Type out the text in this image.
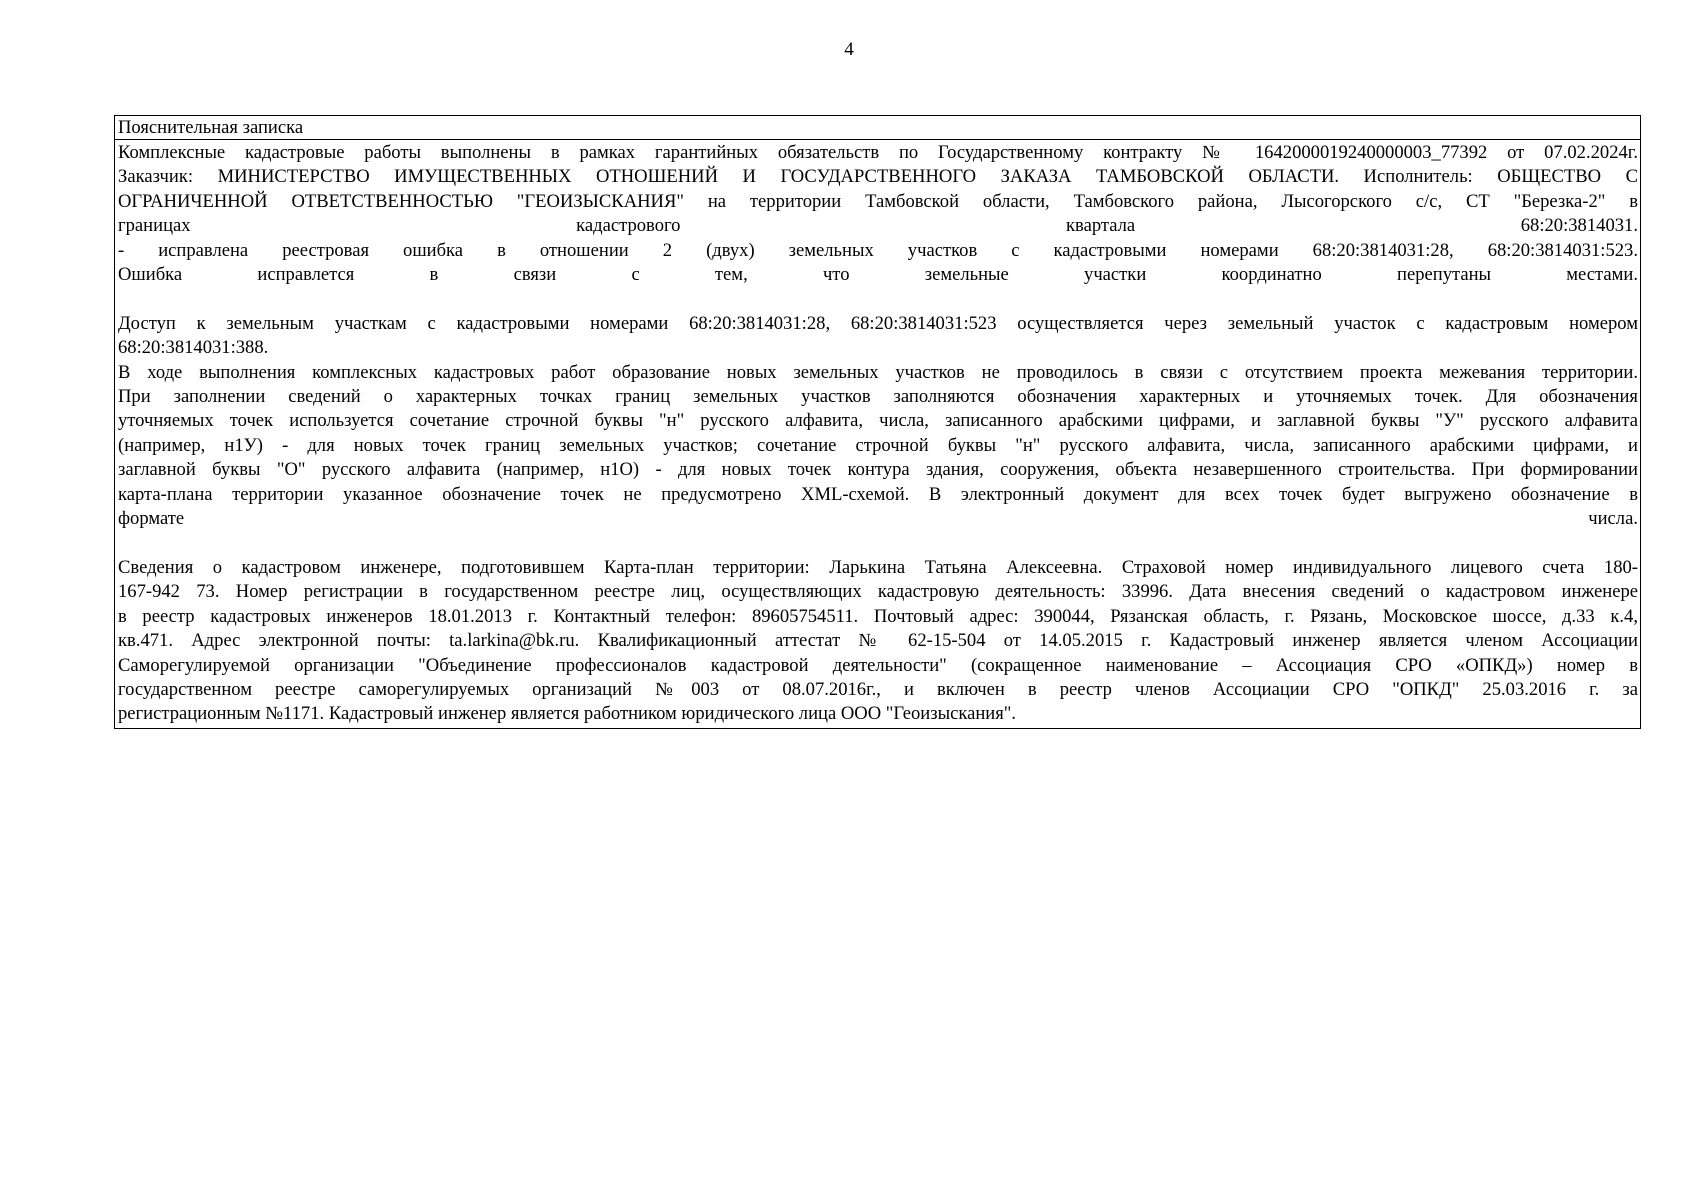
4
Пояснительная записка
Комплексные кадастровые работы выполнены в рамках гарантийных обязательств по Государственному контракту № 1642000019240000003_77392 от 07.02.2024г.
Заказчик: МИНИСТЕРСТВО ИМУЩЕСТВЕННЫХ ОТНОШЕНИЙ И ГОСУДАРСТВЕННОГО ЗАКАЗА ТАМБОВСКОЙ ОБЛАСТИ. Исполнитель: ОБЩЕСТВО С
ОГРАНИЧЕННОЙ ОТВЕТСТВЕННОСТЬЮ "ГЕОИЗЫСКАНИЯ" на территории Тамбовской области, Тамбовского района, Лысогорского с/с, СТ "Березка-2" в
границах кадастрового квартала 68:20:3814031.
- исправлена реестровая ошибка в отношении 2 (двух) земельных участков с кадастровыми номерами 68:20:3814031:28, 68:20:3814031:523.
Ошибка исправлется в связи с тем, что земельные участки координатно перепутаны местами.
Доступ к земельным участкам с кадастровыми номерами 68:20:3814031:28, 68:20:3814031:523 осуществляется через земельный участок с кадастровым номером
68:20:3814031:388.
В ходе выполнения комплексных кадастровых работ образование новых земельных участков не проводилось в связи с отсутствием проекта межевания территории.
При заполнении сведений о характерных точках границ земельных участков заполняются обозначения характерных и уточняемых точек. Для обозначения
уточняемых точек используется сочетание строчной буквы "н" русского алфавита, числа, записанного арабскими цифрами, и заглавной буквы "У" русского алфавита
(например, н1У) - для новых точек границ земельных участков; сочетание строчной буквы "н" русского алфавита, числа, записанного арабскими цифрами, и
заглавной буквы "О" русского алфавита (например, н1О) - для новых точек контура здания, сооружения, объекта незавершенного строительства. При формировании
карта-плана территории указанное обозначение точек не предусмотрено XML-схемой. В электронный документ для всех точек будет выгружено обозначение в
формате числа.
Сведения о кадастровом инженере, подготовившем Карта-план территории: Ларькина Татьяна Алексеевна. Страховой номер индивидуального лицевого счета 180-
167-942 73. Номер регистрации в государственном реестре лиц, осуществляющих кадастровую деятельность: 33996. Дата внесения сведений о кадастровом инженере
в реестр кадастровых инженеров 18.01.2013 г. Контактный телефон: 89605754511. Почтовый адрес: 390044, Рязанская область, г. Рязань, Московское шоссе, д.33 к.4,
кв.471. Адрес электронной почты: ta.larkina@bk.ru. Квалификационный аттестат № 62-15-504 от 14.05.2015 г. Кадастровый инженер является членом Ассоциации
Саморегулируемой организации "Объединение профессионалов кадастровой деятельности" (сокращенное наименование – Ассоциация СРО «ОПКД») номер в
государственном реестре саморегулируемых организаций №003 от 08.07.2016г., и включен в реестр членов Ассоциации СРО "ОПКД" 25.03.2016 г. за
регистрационным №1171. Кадастровый инженер является работником юридического лица ООО "Геоизыскания".
